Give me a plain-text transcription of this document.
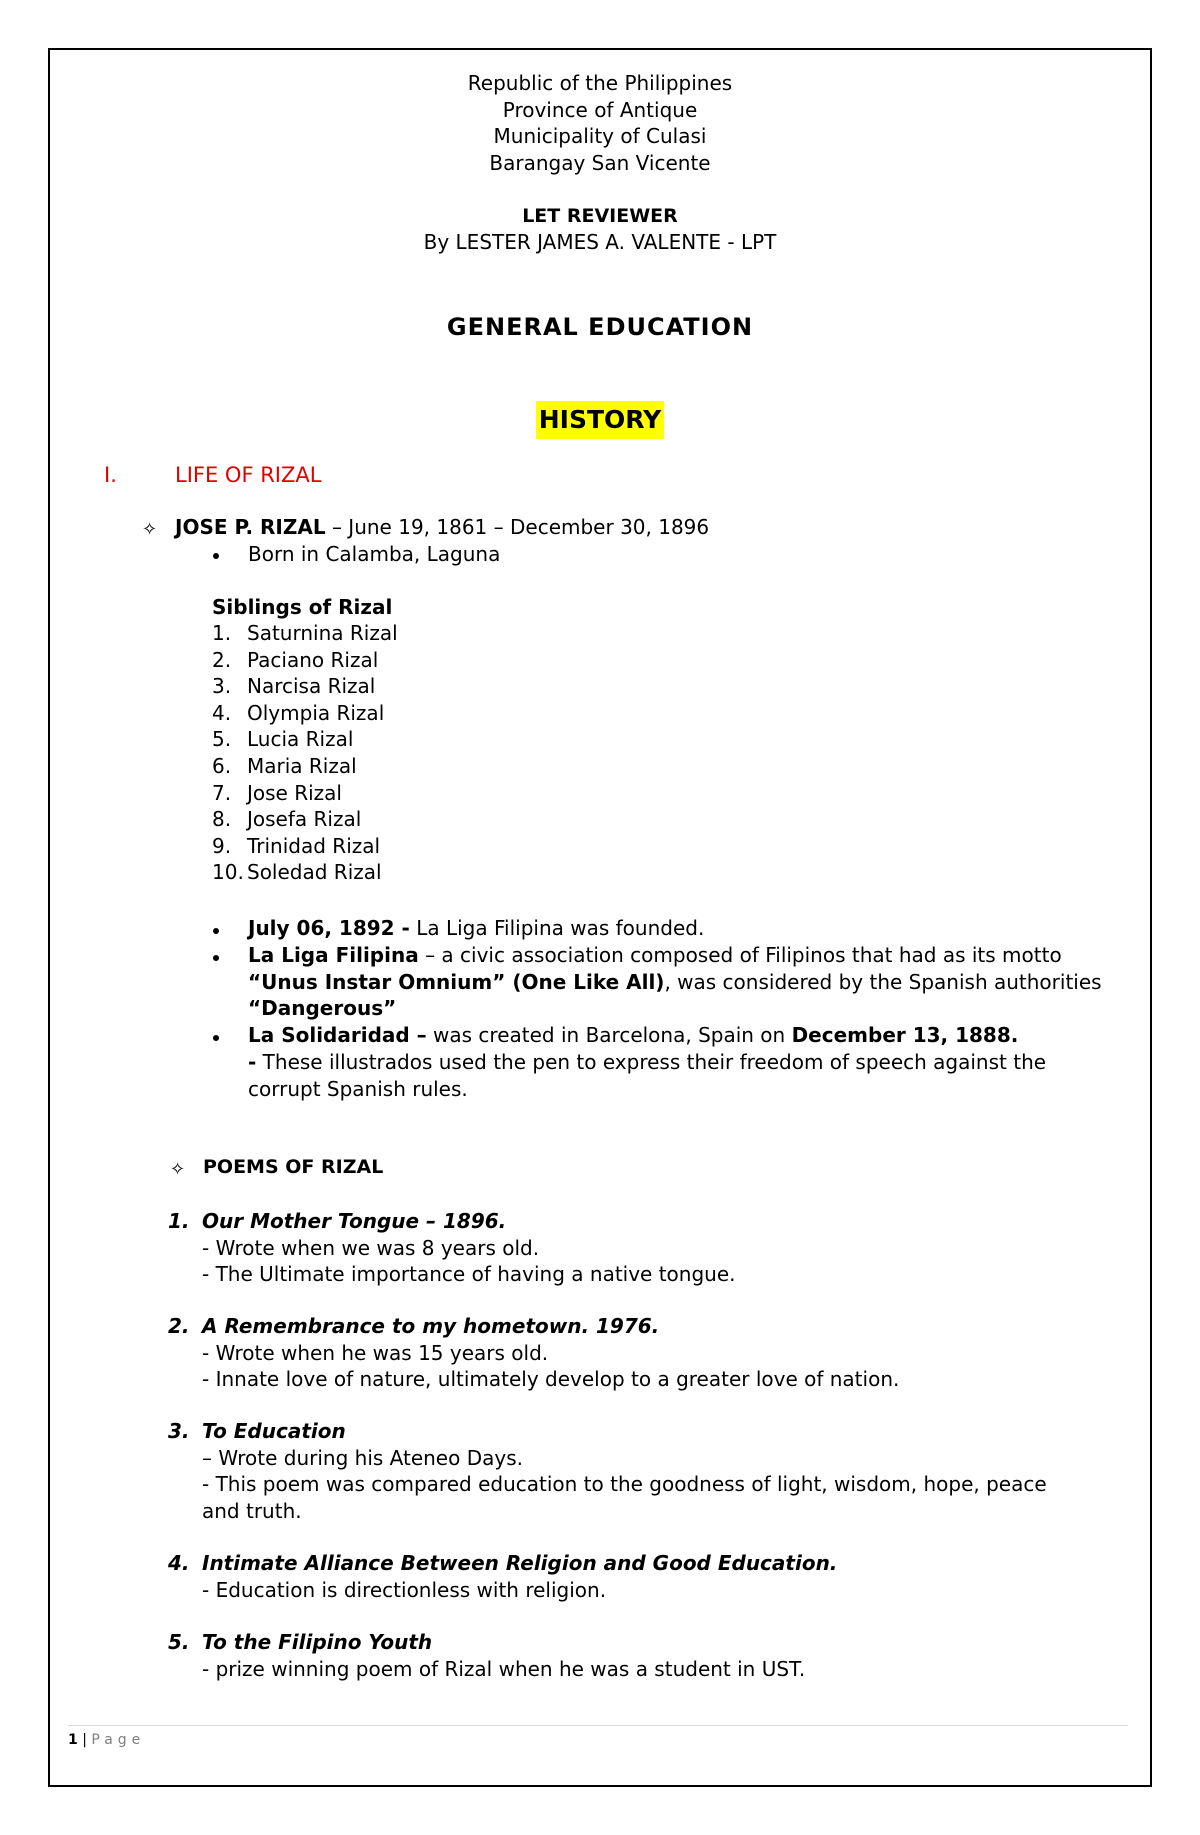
Republic of the Philippines
Province of Antique
Municipality of Culasi
Barangay San Vicente
LET REVIEWER
By LESTER JAMES A. VALENTE - LPT
GENERAL EDUCATION
HISTORY
I.	LIFE OF RIZAL
✧ JOSE P. RIZAL – June 19, 1861 – December 30, 1896
Born in Calamba, Laguna
Siblings of Rizal
1. Saturnina Rizal
2. Paciano Rizal
3. Narcisa Rizal
4. Olympia Rizal
5. Lucia Rizal
6. Maria Rizal
7. Jose Rizal
8. Josefa Rizal
9. Trinidad Rizal
10. Soledad Rizal
July 06, 1892 - La Liga Filipina was founded.
La Liga Filipina – a civic association composed of Filipinos that had as its motto
“Unus Instar Omnium” (One Like All), was considered by the Spanish authorities
“Dangerous”
La Solidaridad – was created in Barcelona, Spain on December 13, 1888.
- These illustrados used the pen to express their freedom of speech against the
corrupt Spanish rules.
✧ POEMS OF RIZAL
1. Our Mother Tongue – 1896.
- Wrote when we was 8 years old.
- The Ultimate importance of having a native tongue.
2. A Remembrance to my hometown. 1976.
- Wrote when he was 15 years old.
- Innate love of nature, ultimately develop to a greater love of nation.
3. To Education
– Wrote during his Ateneo Days.
- This poem was compared education to the goodness of light, wisdom, hope, peace
and truth.
4. Intimate Alliance Between Religion and Good Education.
- Education is directionless with religion.
5. To the Filipino Youth
- prize winning poem of Rizal when he was a student in UST.
1 | Page
